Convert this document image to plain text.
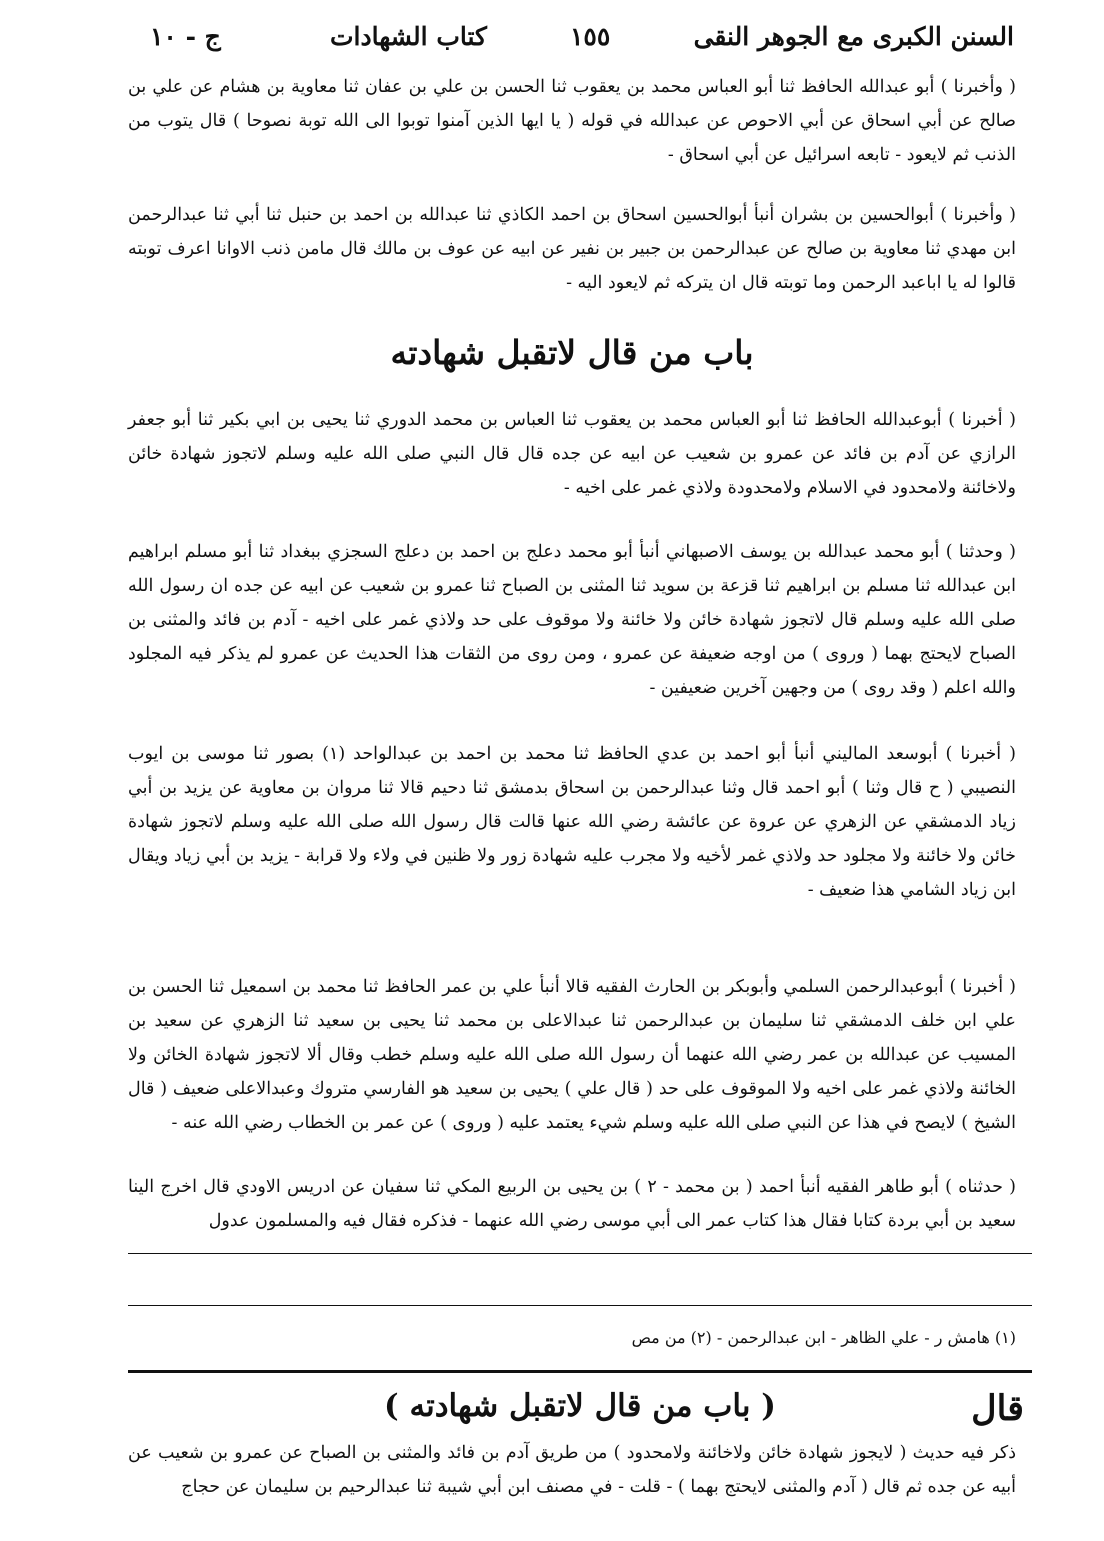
السنن الكبرى مع الجوهر النقى
١٥٥
كتاب الشهادات
ج - ١٠

( وأخبرنا ) أبو عبدالله الحافظ ثنا أبو العباس محمد بن يعقوب ثنا الحسن بن علي بن عفان ثنا معاوية بن هشام عن علي بن صالح عن أبي اسحاق عن أبي الاحوص عن عبدالله في قوله ( يا ايها الذين آمنوا توبوا الى الله توبة نصوحا ) قال يتوب من الذنب ثم لايعود - تابعه اسرائيل عن أبي اسحاق -

( وأخبرنا ) أبوالحسين بن بشران أنبأ أبوالحسين اسحاق بن احمد الكاذي ثنا عبدالله بن احمد بن حنبل ثنا أبي ثنا عبدالرحمن ابن مهدي ثنا معاوية بن صالح عن عبدالرحمن بن جبير بن نفير عن ابيه عن عوف بن مالك قال مامن ذنب الاوانا اعرف توبته قالوا له يا اباعبد الرحمن وما توبته قال ان يتركه ثم لايعود اليه -

باب من قال لاتقبل شهادته

( أخبرنا ) أبوعبدالله الحافظ ثنا أبو العباس محمد بن يعقوب ثنا العباس بن محمد الدوري ثنا يحيى بن ابي بكير ثنا أبو جعفر الرازي عن آدم بن فائد عن عمرو بن شعيب عن ابيه عن جده قال قال النبي صلى الله عليه وسلم لاتجوز شهادة خائن ولاخائنة ولامحدود في الاسلام ولامحدودة ولاذي غمر على اخيه -

( وحدثنا ) أبو محمد عبدالله بن يوسف الاصبهاني أنبأ أبو محمد دعلج بن احمد بن دعلج السجزي ببغداد ثنا أبو مسلم ابراهيم ابن عبدالله ثنا مسلم بن ابراهيم ثنا قزعة بن سويد ثنا المثنى بن الصباح ثنا عمرو بن شعيب عن ابيه عن جده ان رسول الله صلى الله عليه وسلم قال لاتجوز شهادة خائن ولا خائنة ولا موقوف على حد ولاذي غمر على اخيه - آدم بن فائد والمثنى بن الصباح لايحتج بهما ( وروى ) من اوجه ضعيفة عن عمرو ، ومن روى من الثقات هذا الحديث عن عمرو لم يذكر فيه المجلود والله اعلم ( وقد روى ) من وجهين آخرين ضعيفين -

( أخبرنا ) أبوسعد الماليني أنبأ أبو احمد بن عدي الحافظ ثنا محمد بن احمد بن عبدالواحد (١) بصور ثنا موسى بن ايوب النصيبي ( ح قال وثنا ) أبو احمد قال وثنا عبدالرحمن بن اسحاق بدمشق ثنا دحيم قالا ثنا مروان بن معاوية عن يزيد بن أبي زياد الدمشقي عن الزهري عن عروة عن عائشة رضي الله عنها قالت قال رسول الله صلى الله عليه وسلم لاتجوز شهادة خائن ولا خائنة ولا مجلود حد ولاذي غمر لأخيه ولا مجرب عليه شهادة زور ولا ظنين في ولاء ولا قرابة - يزيد بن أبي زياد ويقال ابن زياد الشامي هذا ضعيف -

( أخبرنا ) أبوعبدالرحمن السلمي وأبوبكر بن الحارث الفقيه قالا أنبأ علي بن عمر الحافظ ثنا محمد بن اسمعيل ثنا الحسن بن علي ابن خلف الدمشقي ثنا سليمان بن عبدالرحمن ثنا عبدالاعلى بن محمد ثنا يحيى بن سعيد ثنا الزهري عن سعيد بن المسيب عن عبدالله بن عمر رضي الله عنهما أن رسول الله صلى الله عليه وسلم خطب وقال ألا لاتجوز شهادة الخائن ولا الخائنة ولاذي غمر على اخيه ولا الموقوف على حد ( قال علي ) يحيى بن سعيد هو الفارسي متروك وعبدالاعلى ضعيف ( قال الشيخ ) لايصح في هذا عن النبي صلى الله عليه وسلم شيء يعتمد عليه ( وروى ) عن عمر بن الخطاب رضي الله عنه -

( حدثناه ) أبو طاهر الفقيه أنبأ احمد ( بن محمد - ٢ ) بن يحيى بن الربيع المكي ثنا سفيان عن ادريس الاودي قال اخرج الينا سعيد بن أبي بردة كتابا فقال هذا كتاب عمر الى أبي موسى رضي الله عنهما - فذكره فقال فيه والمسلمون عدول

(١) هامش ر - علي الظاهر - ابن عبدالرحمن - (٢) من مص

قال

( باب من قال لاتقبل شهادته )

ذكر فيه حديث ( لايجوز شهادة خائن ولاخائنة ولامحدود ) من طريق آدم بن فائد والمثنى بن الصباح عن عمرو بن شعيب عن أبيه عن جده ثم قال ( آدم والمثنى لايحتج بهما ) - قلت - في مصنف ابن أبي شيبة ثنا عبدالرحيم بن سليمان عن حجاج
